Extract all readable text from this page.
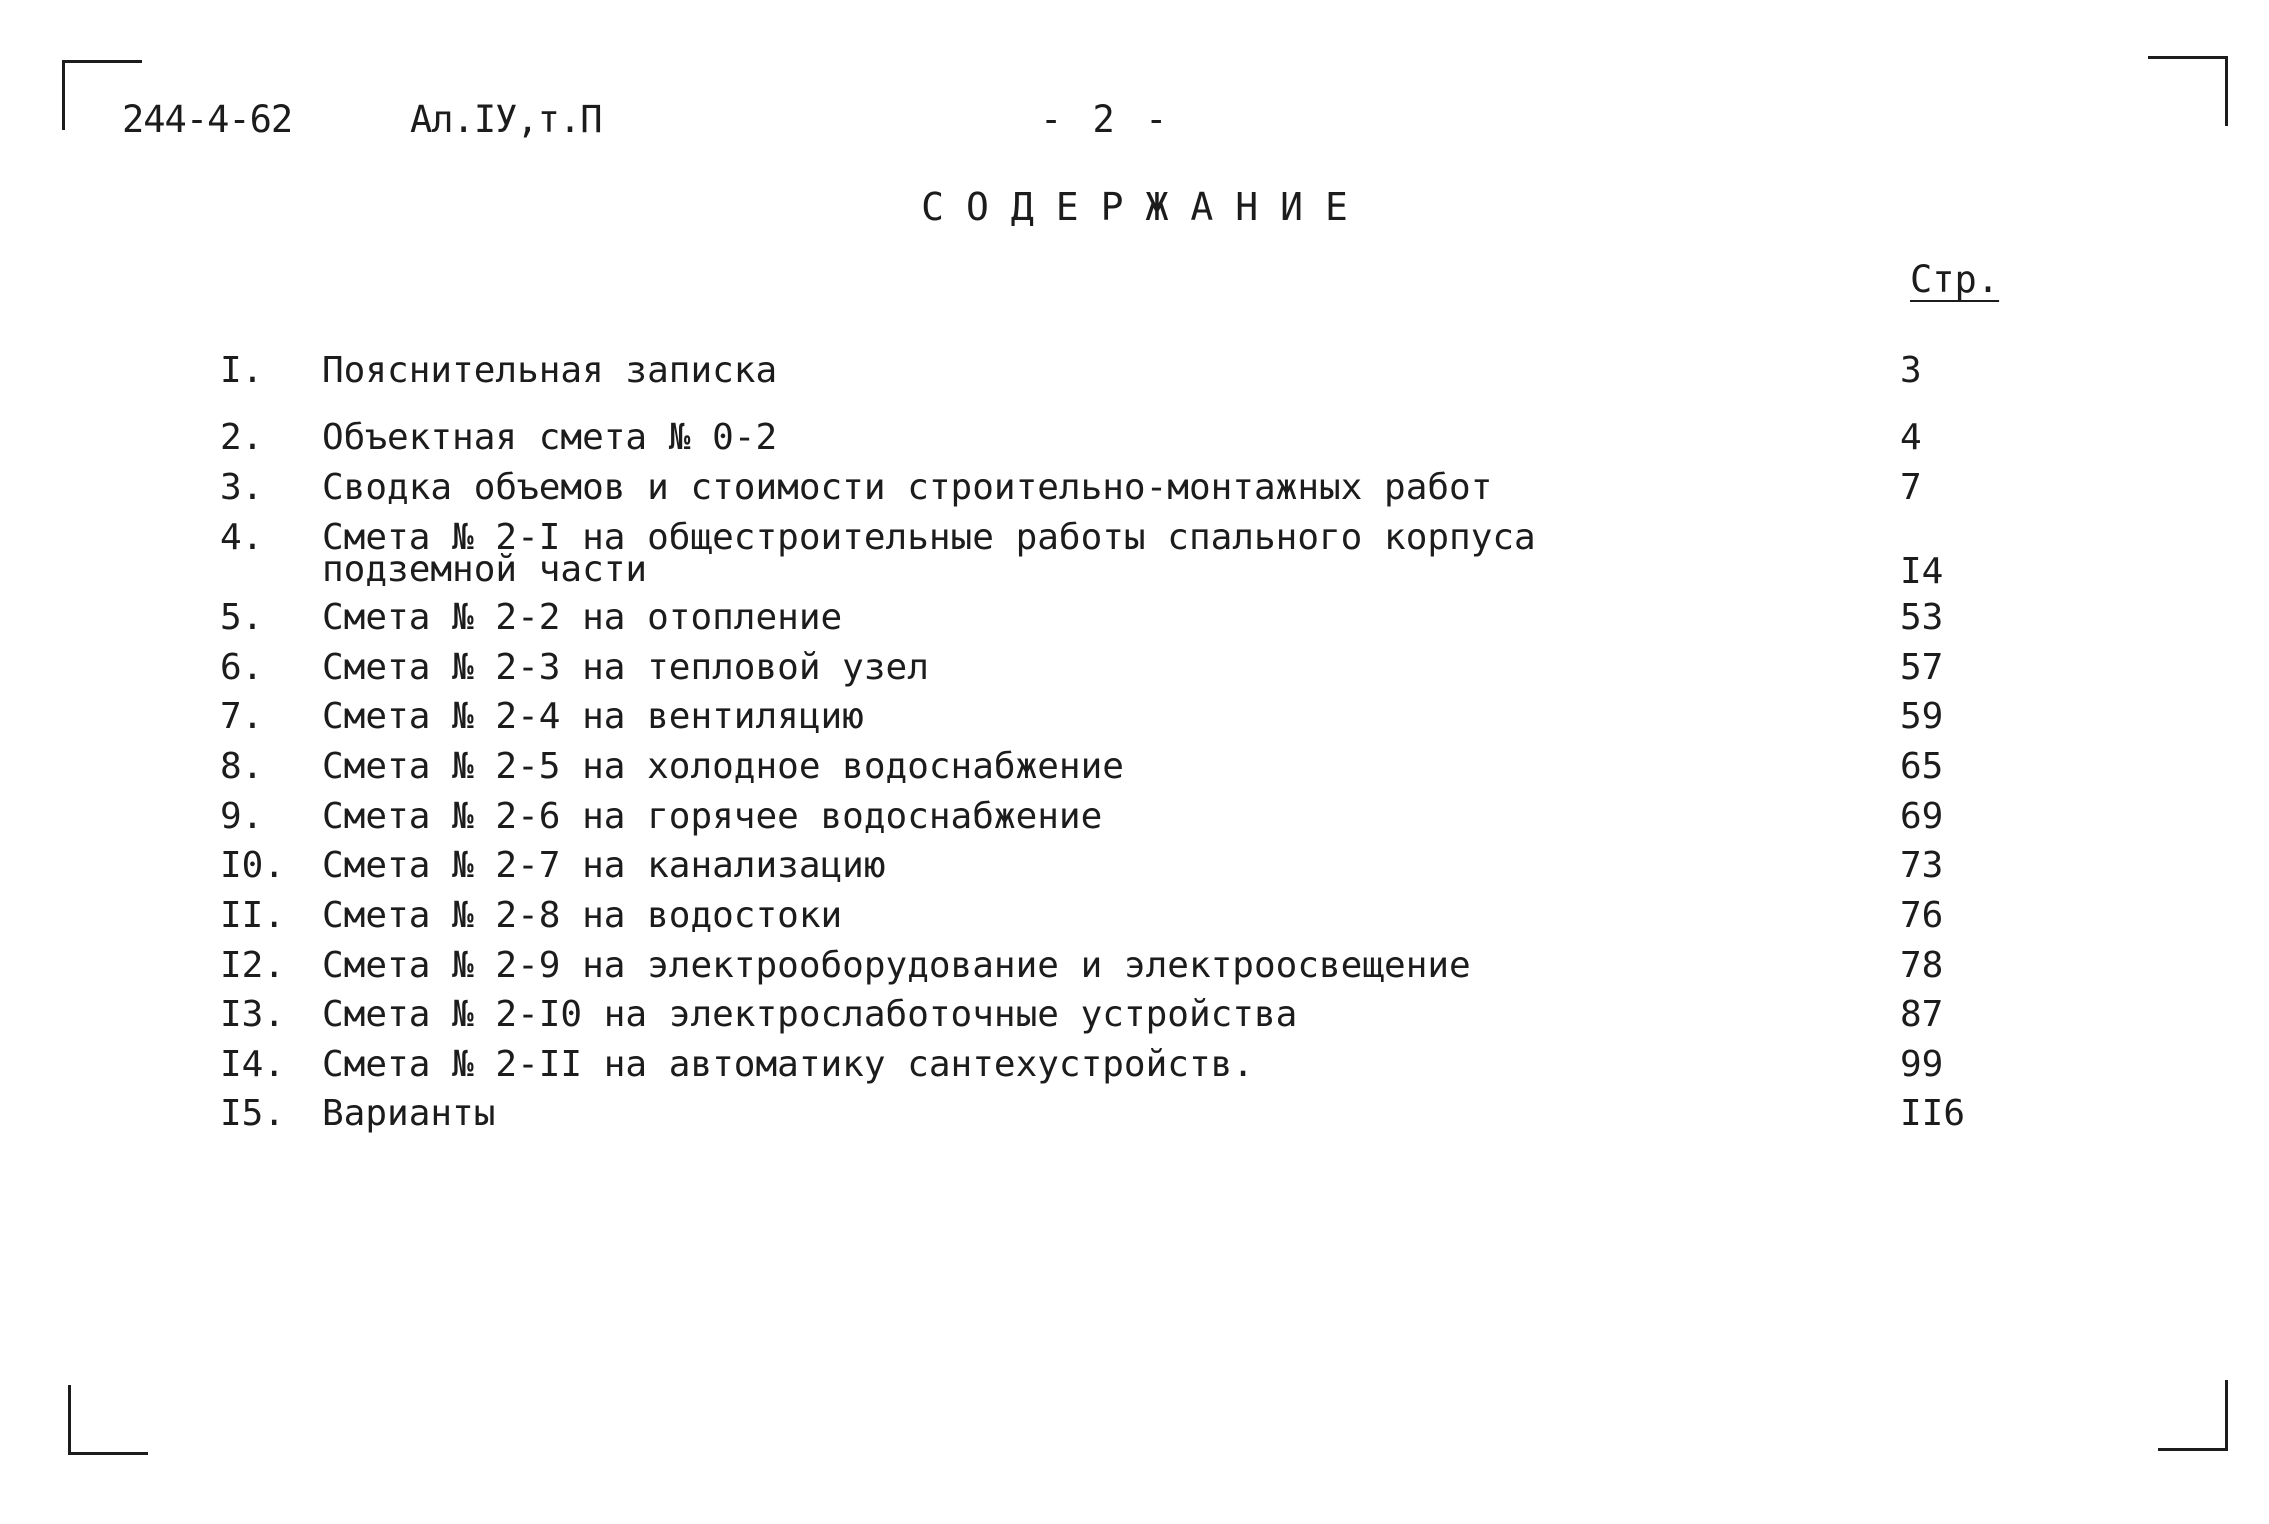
244-4-62	Ал.IУ,т.П	- 2 -
СОДЕРЖАНИЕ
Стр.
I. Пояснительная записка	3
2. Объектная смета № 0-2	4
3. Сводка объемов и стоимости строительно-монтажных работ	7
4. Смета № 2-I на общестроительные работы спального корпуса подземной части	I4
5. Смета № 2-2 на отопление	53
6. Смета № 2-3 на тепловой узел	57
7. Смета № 2-4 на вентиляцию	59
8. Смета № 2-5 на холодное водоснабжение	65
9. Смета № 2-6 на горячее водоснабжение	69
I0. Смета № 2-7 на канализацию	73
II. Смета № 2-8 на водостоки	76
I2. Смета № 2-9 на электрооборудование и электроосвещение	78
I3. Смета № 2-I0 на электрослаботочные устройства	87
I4. Смета № 2-II на автоматику сантехустройств.	99
I5. Варианты	II6
